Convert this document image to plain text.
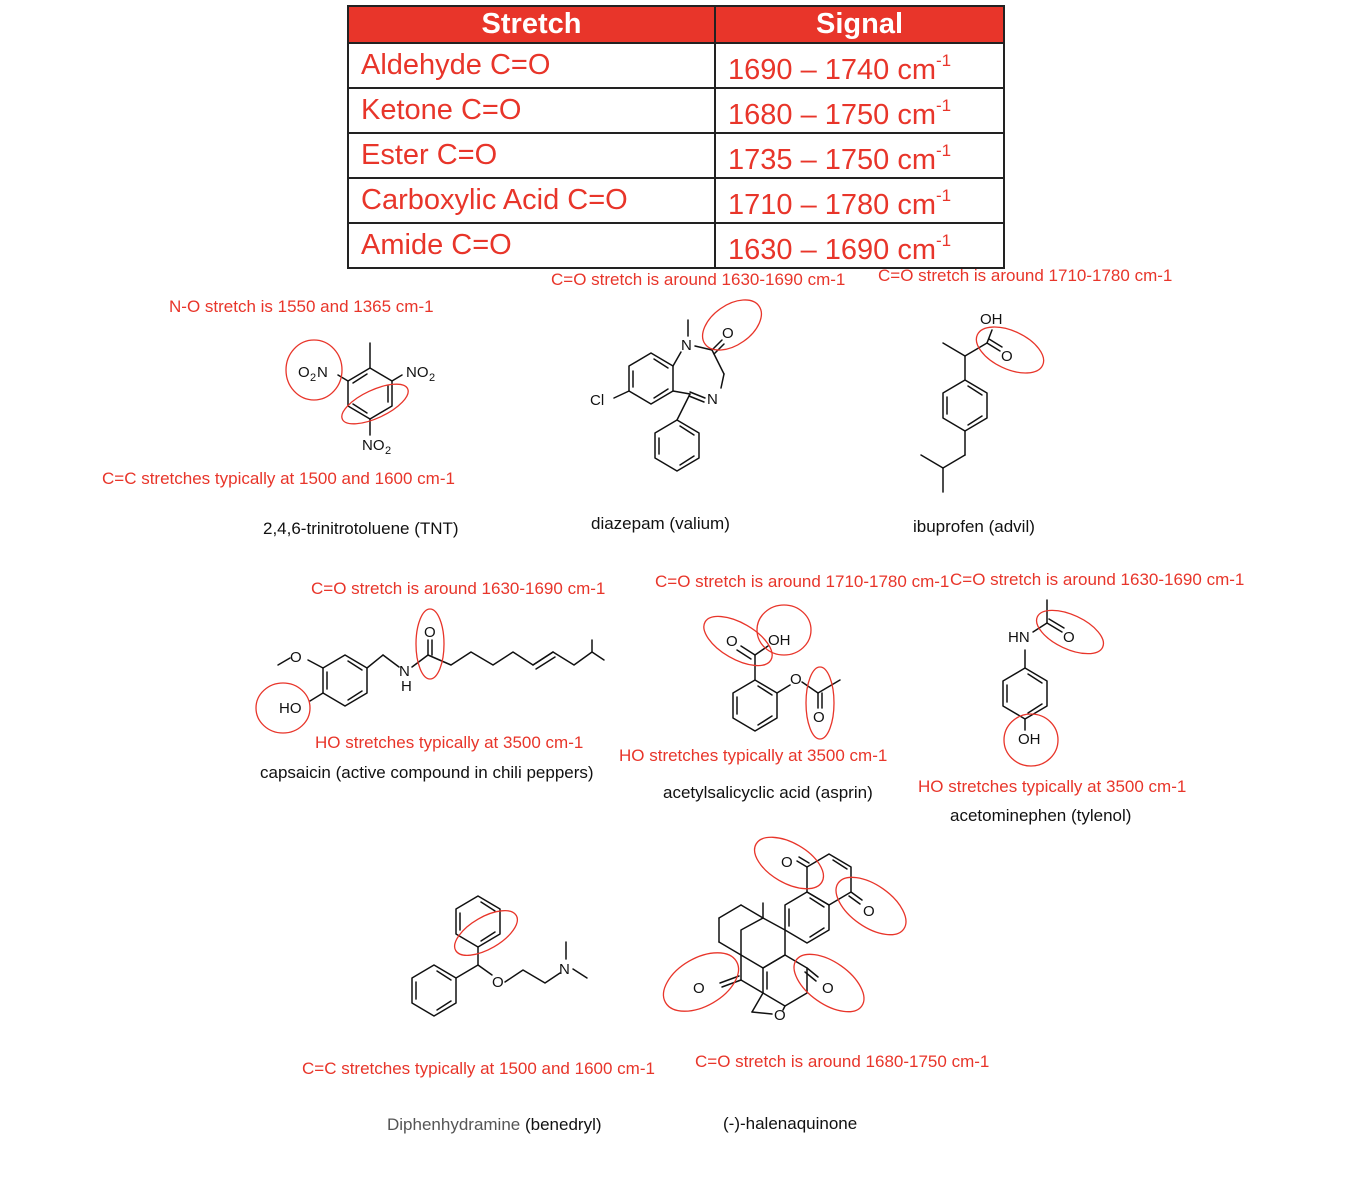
Stretch	Signal
Aldehyde C=O	1690 – 1740 $cm^{-1}$
Ketone C=O	1680 – 1750 $cm^{-1}$
Ester C=O	1735 – 1750 $cm^{-1}$
Carboxylic Acid C=O	1710 – 1780 $cm^{-1}$
Amide C=O	1630 – 1690 $cm^{-1}$
N-O stretch is 1550 and 1365 cm-1
C=C stretches typically at 1500 and 1600 cm-1
C=O stretch is around 1630-1690 cm-1 C=O stretch is around 1710-1780 cm-1
C=O stretch is around 1630-1690 cm-1
HO stretches typically at 3500 cm-1
C=O stretch is around 1710-1780 cm-1
HO stretches typically at 3500 cm-1
C=O stretch is around 1630-1690 cm-1
HO stretches typically at 3500 cm-1
C=C stretches typically at 1500 and 1600 cm-1 C=O stretch is around 1680-1750 cm-1
2,4,6-trinitrotoluene (TNT)	diazepam (valium)	ibuprofen (advil)
capsaicin (active compound in chili peppers)
acetylsalicyclic acid (asprin)
acetominephen (tylenol)
Diphenhydramine (benedryl)	(-)-halenaquinone
O 2 N	NO 2
NO 2
Cl
N
O
N
OH
O
O
HO
N
H
O
O OH
O
O
HN O
OH
O
N
O
O
O	O
O
